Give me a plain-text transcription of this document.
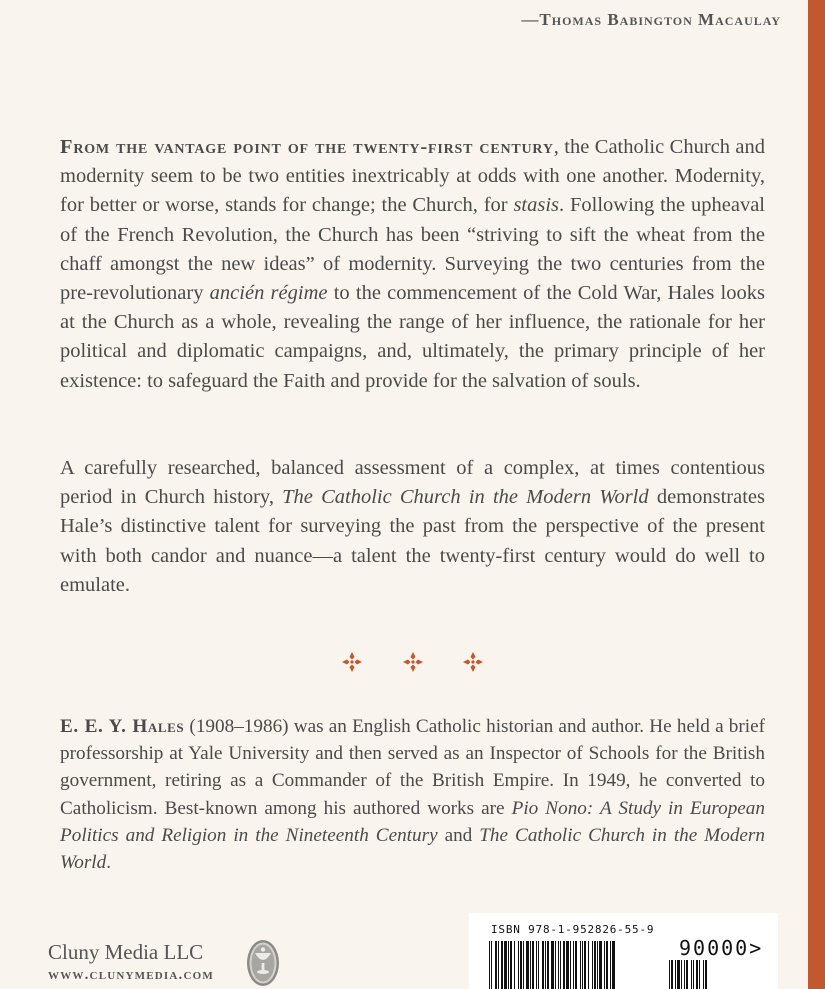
—Thomas Babington Macaulay

From the vantage point of the twenty-first century, the Catholic Church and modernity seem to be two entities inextricably at odds with one another. Modernity, for better or worse, stands for change; the Church, for stasis. Following the upheaval of the French Revolution, the Church has been “striving to sift the wheat from the chaff amongst the new ideas” of modernity. Surveying the two centuries from the pre-revolutionary ancién régime to the commencement of the Cold War, Hales looks at the Church as a whole, revealing the range of her influence, the rationale for her political and diplomatic campaigns, and, ultimately, the primary principle of her existence: to safeguard the Faith and provide for the salvation of souls.

A carefully researched, balanced assessment of a complex, at times contentious period in Church history, The Catholic Church in the Modern World demonstrates Hale’s distinctive talent for surveying the past from the perspective of the present with both candor and nuance—a talent the twenty-first century would do well to emulate.

E. E. Y. Hales (1908–1986) was an English Catholic historian and author. He held a brief professorship at Yale University and then served as an Inspector of Schools for the British government, retiring as a Commander of the British Empire. In 1949, he converted to Catholicism. Best-known among his authored works are Pio Nono: A Study in European Politics and Religion in the Nineteenth Century and The Catholic Church in the Modern World.

Cluny Media LLC
www.clunymedia.com
ISBN 978-1-952826-55-9
90000>
